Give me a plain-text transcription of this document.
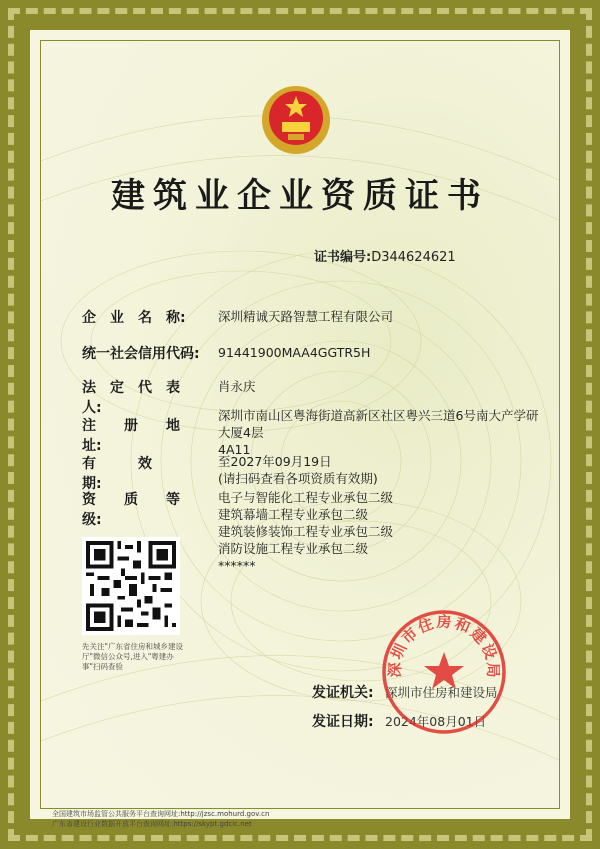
建筑业企业资质证书
证书编号:D344624621
企　业　名　称:	深圳精诚天路智慧工程有限公司
统一社会信用代码:	91441900MAA4GGTR5H
法　定　代　表　人:
肖永庆
注　　册　　地　　址:
深圳市南山区粤海街道高新区社区粤兴三道6号南大产学研大厦4层
4A11
有　　　效　　　期:
至2027年09月19日
(请扫码查看各项资质有效期)
资　　质　　等　　级:
电子与智能化工程专业承包二级
建筑幕墙工程专业承包二级
建筑装修装饰工程专业承包二级
消防设施工程专业承包二级
******
先关注"广东省住房和城乡建设厅"微信公众号,进入"粤建办事"扫码查验
发证机关: 深圳市住房和建设局
发证日期: 2024年08月01日
深圳市住房和建设局
全国建筑市场监管公共服务平台查询网址:http://jzsc.mohurd.gov.cn
广东省建设行业数据开放平台查询网址:https://skypt.gdcic.net
